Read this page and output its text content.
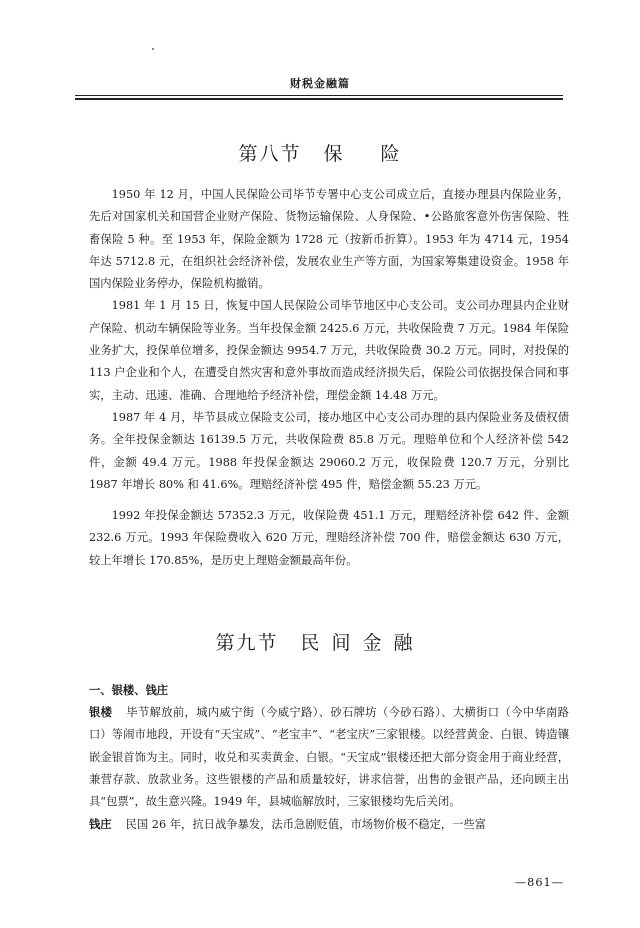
财税金融篇
第八节 保 险

1950 年 12 月，中国人民保险公司毕节专署中心支公司成立后，直接办理县内保险业务，先后对国家机关和国营企业财产保险、货物运输保险、人身保险、•公路旅客意外伤害保险、牲畜保险 5 种。至 1953 年，保险金额为 1728 元（按新币折算）。1953 年为 4714 元，1954 年达 5712.8 元，在组织社会经济补偿，发展农业生产等方面，为国家筹集建设资金。1958 年国内保险业务停办，保险机构撤销。

1981 年 1 月 15 日，恢复中国人民保险公司毕节地区中心支公司。支公司办理县内企业财产保险、机动车辆保险等业务。当年投保金额 2425.6 万元，共收保险费 7 万元。1984 年保险业务扩大，投保单位增多，投保金额达 9954.7 万元，共收保险费 30.2 万元。同时，对投保的 113 户企业和个人，在遭受自然灾害和意外事故而造成经济损失后，保险公司依据投保合同和事实，主动、迅速、准确、合理地给予经济补偿，理偿金额 14.48 万元。

1987 年 4 月，毕节县成立保险支公司，接办地区中心支公司办理的县内保险业务及债权债务。全年投保金额达 16139.5 万元，共收保险费 85.8 万元。理赔单位和个人经济补偿 542 件，金额 49.4 万元。1988 年投保金额达 29060.2 万元，收保险费 120.7 万元，分别比 1987 年增长 80% 和 41.6%。理赔经济补偿 495 件，赔偿金额 55.23 万元。

1992 年投保金额达 57352.3 万元，收保险费 451.1 万元，理赔经济补偿 642 件、金额 232.6 万元。1993 年保险费收入 620 万元，理赔经济补偿 700 件，赔偿金额达 630 万元，较上年增长 170.85%，是历史上理赔金额最高年份。

第九节 民 间 金 融
一、银楼、钱庄

银楼 毕节解放前，城内威宁街（今威宁路）、砂石牌坊（今砂石路）、大横街口（今中华南路口）等闹市地段，开设有“天宝成”、“老宝丰”、“老宝庆”三家银楼。以经营黄金、白银、铸造镶嵌金银首饰为主。同时，收兑和买卖黄金、白银。“天宝成”银楼还把大部分资金用于商业经营，兼营存款、放款业务。这些银楼的产品和质量较好，讲求信誉，出售的金银产品，还向顾主出具“包票”，故生意兴隆。1949 年，县城临解放时，三家银楼均先后关闭。

钱庄 民国 26 年，抗日战争暴发，法币急剧贬值，市场物价极不稳定，一些富

—861—
